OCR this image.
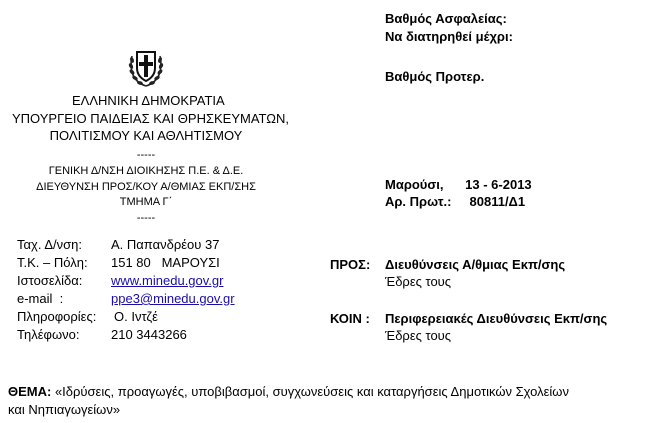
ΕΛΛΗΝΙΚΗ ΔΗΜΟΚΡΑΤΙΑ
ΥΠΟΥΡΓΕΙΟ ΠΑΙΔΕΙΑΣ ΚΑΙ ΘΡΗΣΚΕΥΜΑΤΩΝ,
ΠΟΛΙΤΙΣΜΟΥ ΚΑΙ ΑΘΛΗΤΙΣΜΟΥ
-----
ΓΕΝΙΚΗ Δ/ΝΣΗ ΔΙΟΙΚΗΣΗΣ Π.Ε. & Δ.Ε.
ΔΙΕΥΘΥΝΣΗ ΠΡΟΣ/ΚΟΥ Α/ΘΜΙΑΣ ΕΚΠ/ΣΗΣ
ΤΜΗΜΑ Γ΄
-----
Βαθμός Ασφαλείας:
Να διατηρηθεί μέχρι:
Βαθμός Προτερ.
Μαρούσι,      13 - 6-2013
Αρ. Πρωτ.:     80811/Δ1
Ταχ. Δ/νση: Α. Παπανδρέου 37
Τ.Κ. – Πόλη: 151 80   ΜΑΡΟΥΣΙ
Ιστοσελίδα: www.minedu.gov.gr
e-mail  :	ppe3@minedu.gov.gr
Πληροφορίες: Ο. Ιντζέ
Τηλέφωνο: 210 3443266
ΠΡΟΣ: Διευθύνσεις Α/θμιας Εκπ/σης
Έδρες τους
ΚΟΙΝ : Περιφερειακές Διευθύνσεις Εκπ/σης
Έδρες τους
ΘΕΜΑ: «Ιδρύσεις, προαγωγές, υποβιβασμοί, συγχωνεύσεις και καταργήσεις Δημοτικών Σχολείων
και Νηπιαγωγείων»
